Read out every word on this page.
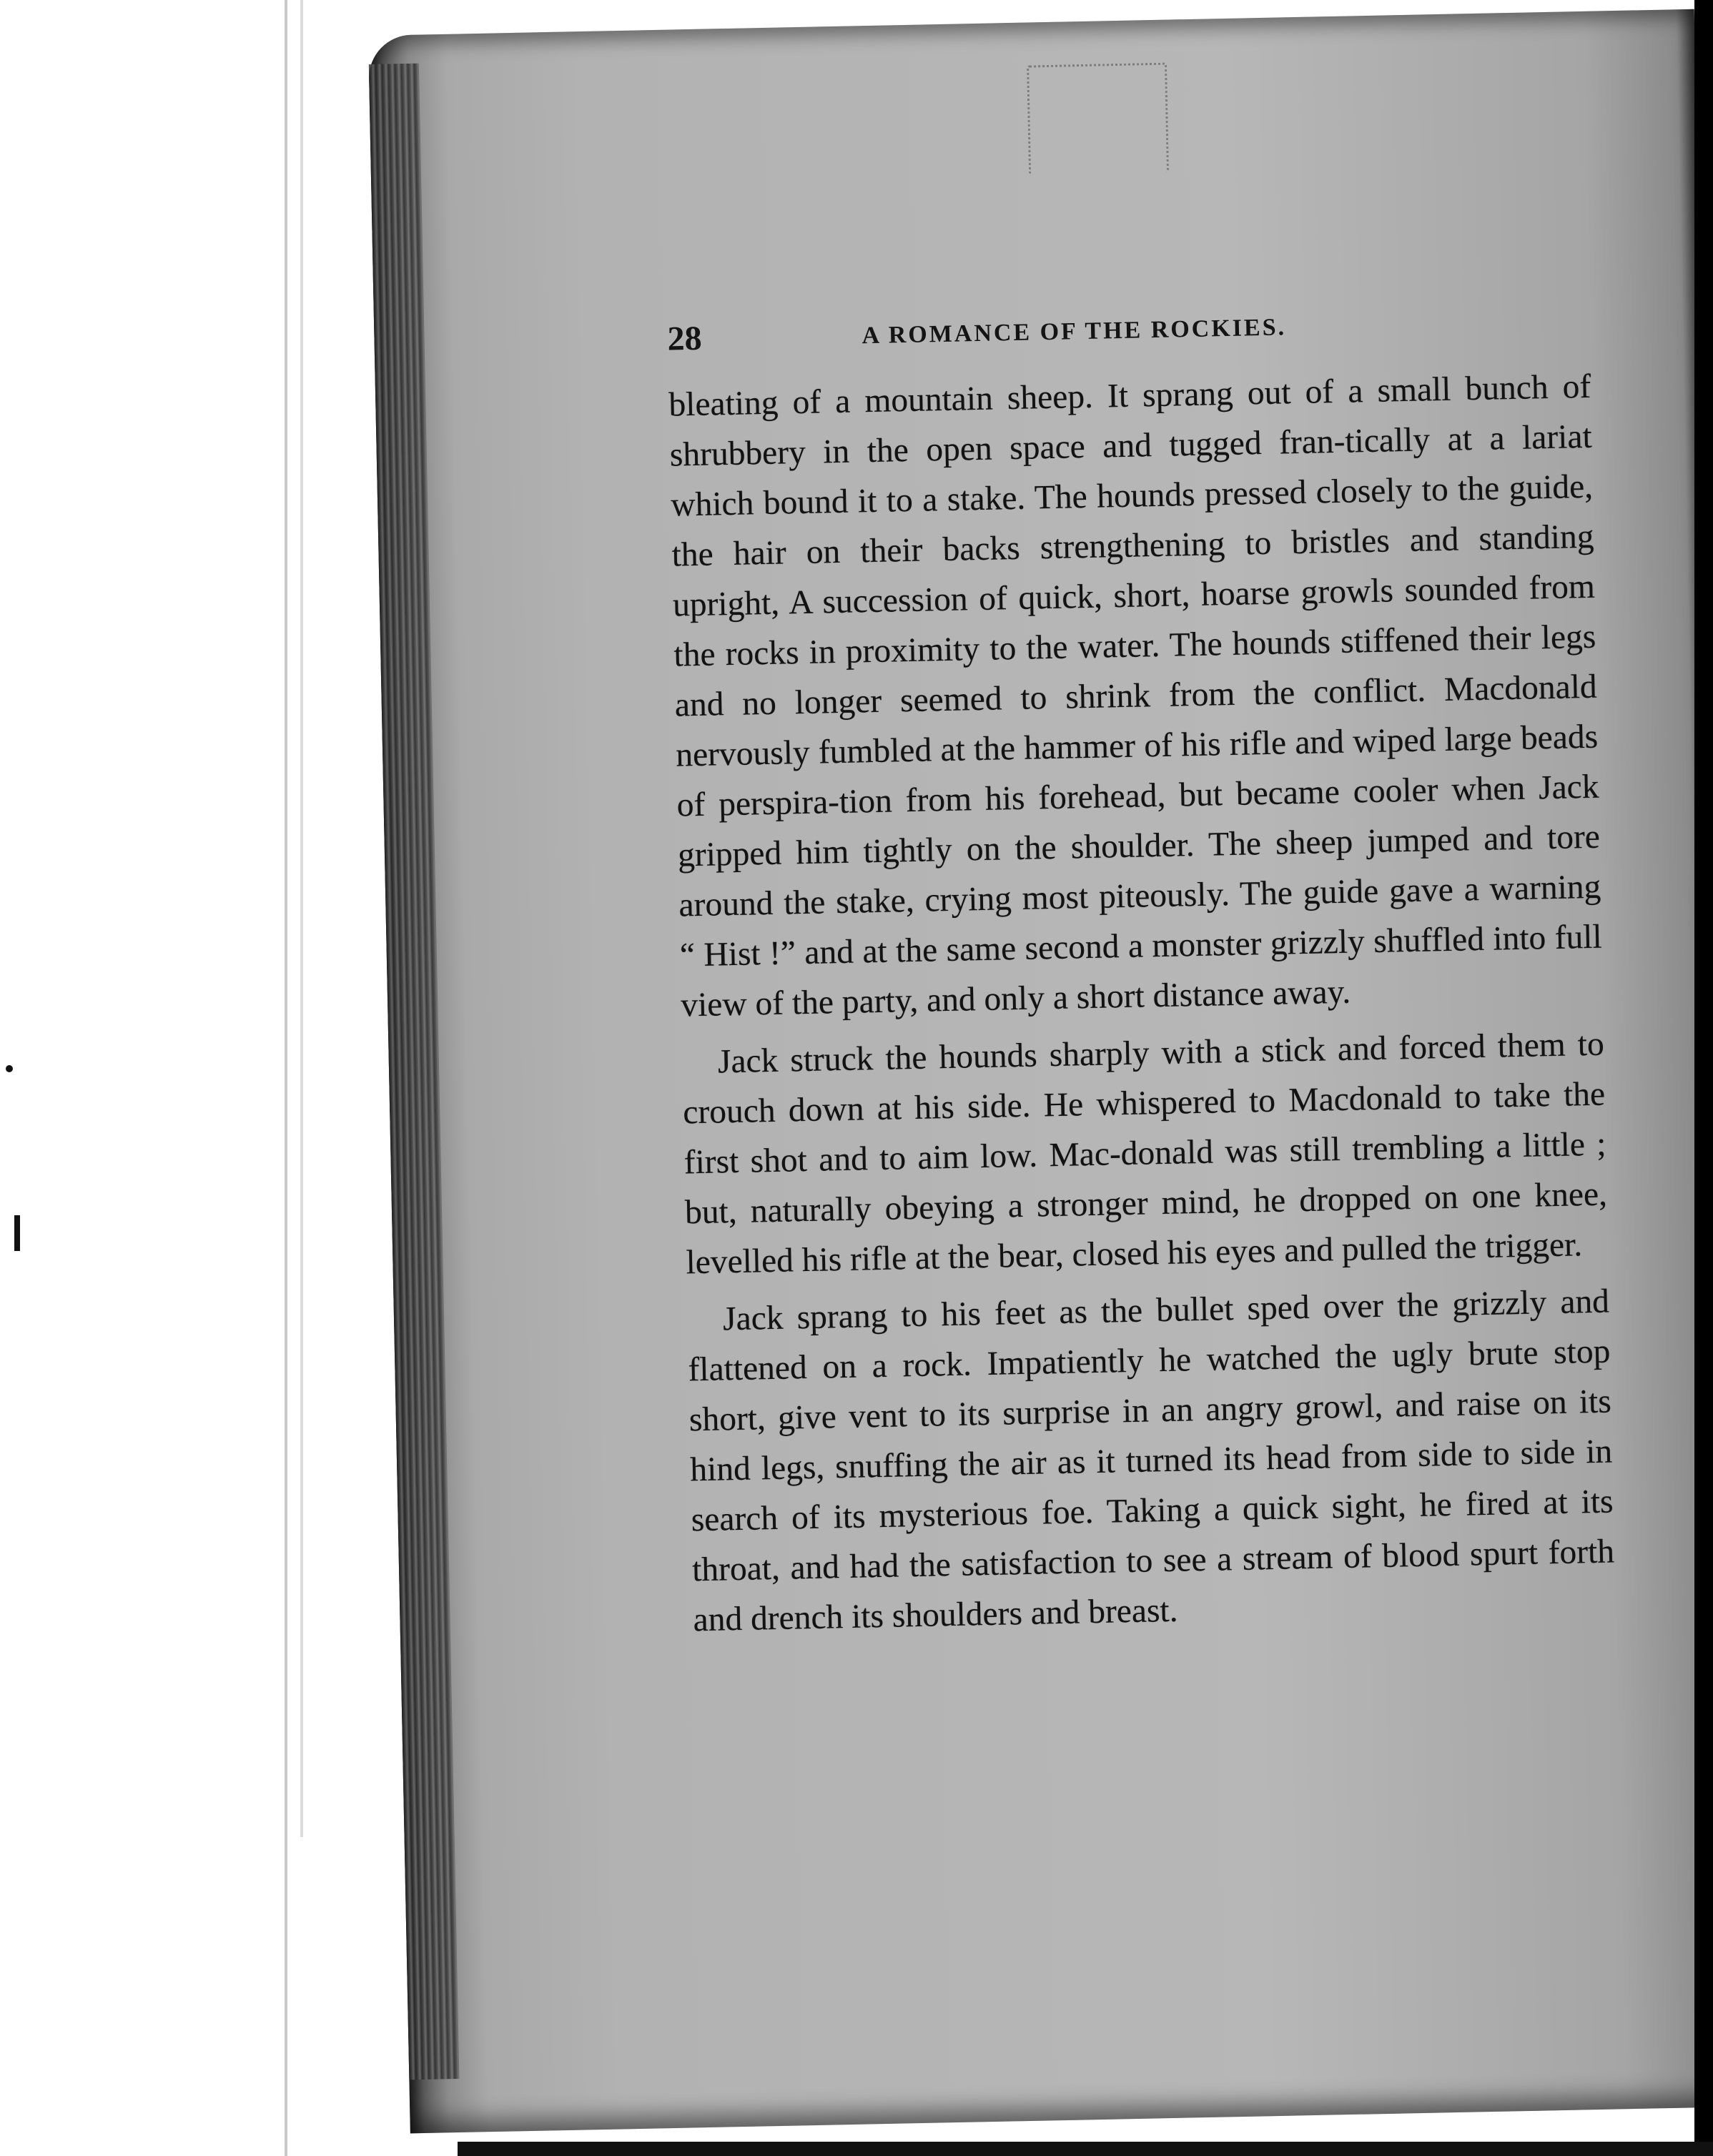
28	A ROMANCE OF THE ROCKIES.

bleating of a mountain sheep. It sprang out of a small bunch of shrubbery in the open space and tugged fran-tically at a lariat which bound it to a stake. The hounds pressed closely to the guide, the hair on their backs strengthening to bristles and standing upright, A succession of quick, short, hoarse growls sounded from the rocks in proximity to the water. The hounds stiffened their legs and no longer seemed to shrink from the conflict. Macdonald nervously fumbled at the hammer of his rifle and wiped large beads of perspira-tion from his forehead, but became cooler when Jack gripped him tightly on the shoulder. The sheep jumped and tore around the stake, crying most piteously. The guide gave a warning “ Hist !” and at the same second a monster grizzly shuffled into full view of the party, and only a short distance away.

Jack struck the hounds sharply with a stick and forced them to crouch down at his side. He whispered to Macdonald to take the first shot and to aim low. Mac-donald was still trembling a little ; but, naturally obeying a stronger mind, he dropped on one knee, levelled his rifle at the bear, closed his eyes and pulled the trigger.

Jack sprang to his feet as the bullet sped over the grizzly and flattened on a rock. Impatiently he watched the ugly brute stop short, give vent to its surprise in an angry growl, and raise on its hind legs, snuffing the air as it turned its head from side to side in search of its mysterious foe. Taking a quick sight, he fired at its throat, and had the satisfaction to see a stream of blood spurt forth and drench its shoulders and breast.
